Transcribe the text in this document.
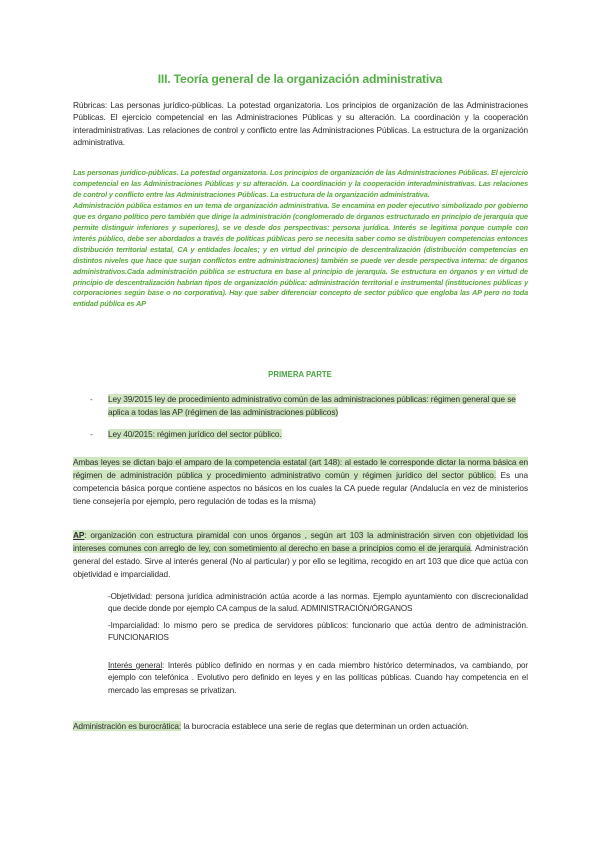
III. Teoría general de la organización administrativa
Rúbricas: Las personas jurídico-públicas. La potestad organizatoria. Los principios de organización de las Administraciones Públicas. El ejercicio competencial en las Administraciones Públicas y su alteración. La coordinación y la cooperación interadministrativas. Las relaciones de control y conflicto entre las Administraciones Públicas. La estructura de la organización administrativa.
Las personas jurídico-públicas. La potestad organizatoria. Los principios de organización de las Administraciones Públicas. El ejercicio competencial en las Administraciones Públicas y su alteración. La coordinación y la cooperación interadministrativas. Las relaciones de control y conflicto entre las Administraciones Públicas. La estructura de la organización administrativa.
Administración pública estamos en un tema de organización administrativa. Se encamina en poder ejecutivo simbolizado por gobierno que es órgano político pero también que dirige la administración (conglomerado de órganos estructurado en principio de jerarquía que permite distinguir inferiores y superiores), se ve desde dos perspectivas: persona jurídica. Interés se legitima porque cumple con interés público, debe ser abordados a través de políticas públicas pero se necesita saber como se distribuyen competencias entonces distribución territorial estatal, CA y entidades locales; y en virtud del principio de descentralización (distribución competencias en distintos niveles que hace que surjan conflictos entre administraciones) también se puede ver desde perspectiva interna: de órganos administrativos.Cada administración pública se estructura en base al principio de jerarquía. Se estructura en órganos y en virtud de principio de descentralización habrían tipos de organización pública: administración territorial e instrumental (instituciones públicas y corporaciones según base o no corporativa). Hay que saber diferenciar concepto de sector público que engloba las AP pero no toda entidad pública es AP
PRIMERA PARTE
- Ley 39/2015 ley de procedimiento administrativo común de las administraciones públicas: régimen general que se aplica a todas las AP (régimen de las administraciones públicos)
- Ley 40/2015: régimen jurídico del sector público.
Ambas leyes se dictan bajo el amparo de la competencia estatal (art 148): al estado le corresponde dictar la norma básica en régimen de administración pública y procedimiento administrativo común y régimen jurídico del sector público. Es una competencia básica porque contiene aspectos no básicos en los cuales la CA puede regular (Andalucía en vez de ministerios tiene consejería por ejemplo, pero regulación de todas es la misma)
AP: organización con estructura piramidal con unos órganos , según art 103 la administración sirven con objetividad los intereses comunes con arreglo de ley, con sometimiento al derecho en base a principios como el de jerarquía. Administración general del estado. Sirve al interés general (No al particular) y por ello se legitima, recogido en art 103 que dice que actúa con objetividad e imparcialidad.
-Objetividad: persona jurídica administración actúa acorde a las normas. Ejemplo ayuntamiento con discrecionalidad que decide donde por ejemplo CA campus de la salud. ADMINISTRACIÓN/ÓRGANOS
-Imparcialidad: lo mismo pero se predica de servidores públicos: funcionario que actúa dentro de administración. FUNCIONARIOS
Interés general: Interés público definido en normas y en cada miembro histórico determinados, va cambiando, por ejemplo con telefónica . Evolutivo pero definido en leyes y en las políticas públicas. Cuando hay competencia en el mercado las empresas se privatizan.
Administración es burocrática: la burocracia establece una serie de reglas que determinan un orden actuación.
